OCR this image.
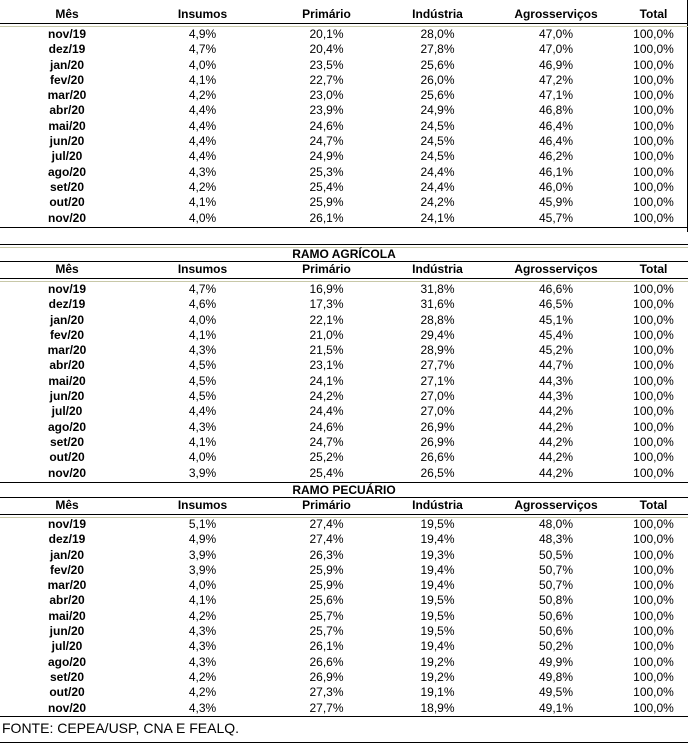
Mês	Insumos	Primário	Indústria	Agrosserviços	Total
nov/19	4,9%	20,1%	28,0%	47,0%	100,0%
dez/19	4,7%	20,4%	27,8%	47,0%	100,0%
jan/20	4,0%	23,5%	25,6%	46,9%	100,0%
fev/20	4,1%	22,7%	26,0%	47,2%	100,0%
mar/20	4,2%	23,0%	25,6%	47,1%	100,0%
abr/20	4,4%	23,9%	24,9%	46,8%	100,0%
mai/20	4,4%	24,6%	24,5%	46,4%	100,0%
jun/20	4,4%	24,7%	24,5%	46,4%	100,0%
jul/20	4,4%	24,9%	24,5%	46,2%	100,0%
ago/20	4,3%	25,3%	24,4%	46,1%	100,0%
set/20	4,2%	25,4%	24,4%	46,0%	100,0%
out/20	4,1%	25,9%	24,2%	45,9%	100,0%
nov/20	4,0%	26,1%	24,1%	45,7%	100,0%
RAMO AGRÍCOLA
Mês	Insumos	Primário	Indústria	Agrosserviços	Total
nov/19	4,7%	16,9%	31,8%	46,6%	100,0%
dez/19	4,6%	17,3%	31,6%	46,5%	100,0%
jan/20	4,0%	22,1%	28,8%	45,1%	100,0%
fev/20	4,1%	21,0%	29,4%	45,4%	100,0%
mar/20	4,3%	21,5%	28,9%	45,2%	100,0%
abr/20	4,5%	23,1%	27,7%	44,7%	100,0%
mai/20	4,5%	24,1%	27,1%	44,3%	100,0%
jun/20	4,5%	24,2%	27,0%	44,3%	100,0%
jul/20	4,4%	24,4%	27,0%	44,2%	100,0%
ago/20	4,3%	24,6%	26,9%	44,2%	100,0%
set/20	4,1%	24,7%	26,9%	44,2%	100,0%
out/20	4,0%	25,2%	26,6%	44,2%	100,0%
nov/20	3,9%	25,4%	26,5%	44,2%	100,0%
RAMO PECUÁRIO
Mês	Insumos	Primário	Indústria	Agrosserviços	Total
nov/19	5,1%	27,4%	19,5%	48,0%	100,0%
dez/19	4,9%	27,4%	19,4%	48,3%	100,0%
jan/20	3,9%	26,3%	19,3%	50,5%	100,0%
fev/20	3,9%	25,9%	19,4%	50,7%	100,0%
mar/20	4,0%	25,9%	19,4%	50,7%	100,0%
abr/20	4,1%	25,6%	19,5%	50,8%	100,0%
mai/20	4,2%	25,7%	19,5%	50,6%	100,0%
jun/20	4,3%	25,7%	19,5%	50,6%	100,0%
jul/20	4,3%	26,1%	19,4%	50,2%	100,0%
ago/20	4,3%	26,6%	19,2%	49,9%	100,0%
set/20	4,2%	26,9%	19,2%	49,8%	100,0%
out/20	4,2%	27,3%	19,1%	49,5%	100,0%
nov/20	4,3%	27,7%	18,9%	49,1%	100,0%
FONTE: CEPEA/USP, CNA E FEALQ.
